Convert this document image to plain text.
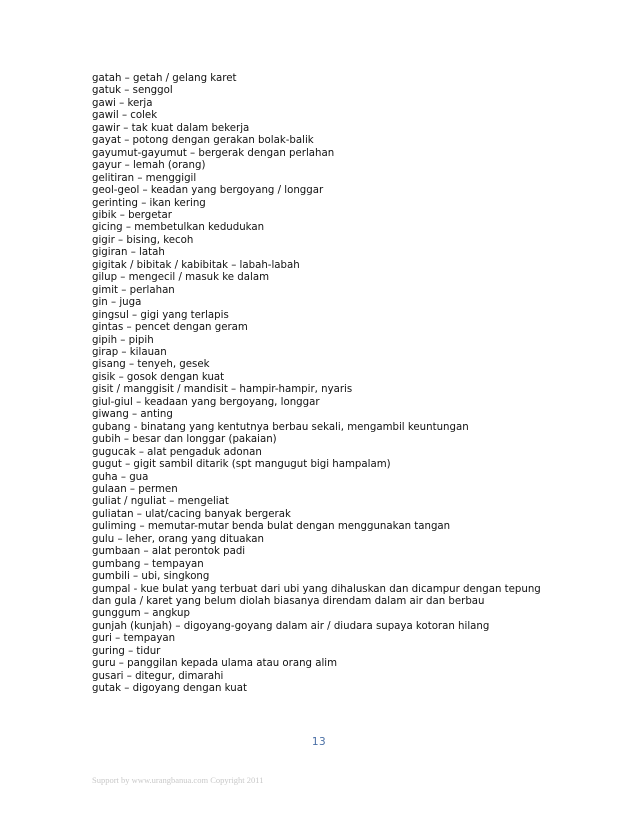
gatah – getah / gelang karet
gatuk – senggol
gawi – kerja
gawil – colek
gawir – tak kuat dalam bekerja
gayat – potong dengan gerakan bolak-balik
gayumut-gayumut – bergerak dengan perlahan
gayur – lemah (orang)
gelitiran – menggigil
geol-geol – keadan yang bergoyang / longgar
gerinting – ikan kering
gibik – bergetar
gicing – membetulkan kedudukan
gigir – bising, kecoh
gigiran – latah
gigitak / bibitak / kabibitak – labah-labah
gilup – mengecil / masuk ke dalam
gimit – perlahan
gin – juga
gingsul – gigi yang terlapis
gintas – pencet dengan geram
gipih – pipih
girap – kilauan
gisang – tenyeh, gesek
gisik – gosok dengan kuat
gisit / manggisit / mandisit – hampir-hampir, nyaris
giul-giul – keadaan yang bergoyang, longgar
giwang – anting
gubang - binatang yang kentutnya berbau sekali, mengambil keuntungan
gubih – besar dan longgar (pakaian)
gugucak – alat pengaduk adonan
gugut – gigit sambil ditarik (spt mangugut bigi hampalam)
guha – gua
gulaan – permen
guliat / nguliat – mengeliat
guliatan – ulat/cacing banyak bergerak
guliming – memutar-mutar benda bulat dengan menggunakan tangan
gulu – leher, orang yang dituakan
gumbaan – alat perontok padi
gumbang – tempayan
gumbili – ubi, singkong
gumpal - kue bulat yang terbuat dari ubi yang dihaluskan dan dicampur dengan tepung dan gula / karet yang belum diolah biasanya direndam dalam air dan berbau
gunggum – angkup
gunjah (kunjah) – digoyang-goyang dalam air / diudara supaya kotoran hilang
guri – tempayan
guring – tidur
guru – panggilan kepada ulama atau orang alim
gusari – ditegur, dimarahi
gutak – digoyang dengan kuat
13
Support by www.urangbanua.com Copyright 2011
